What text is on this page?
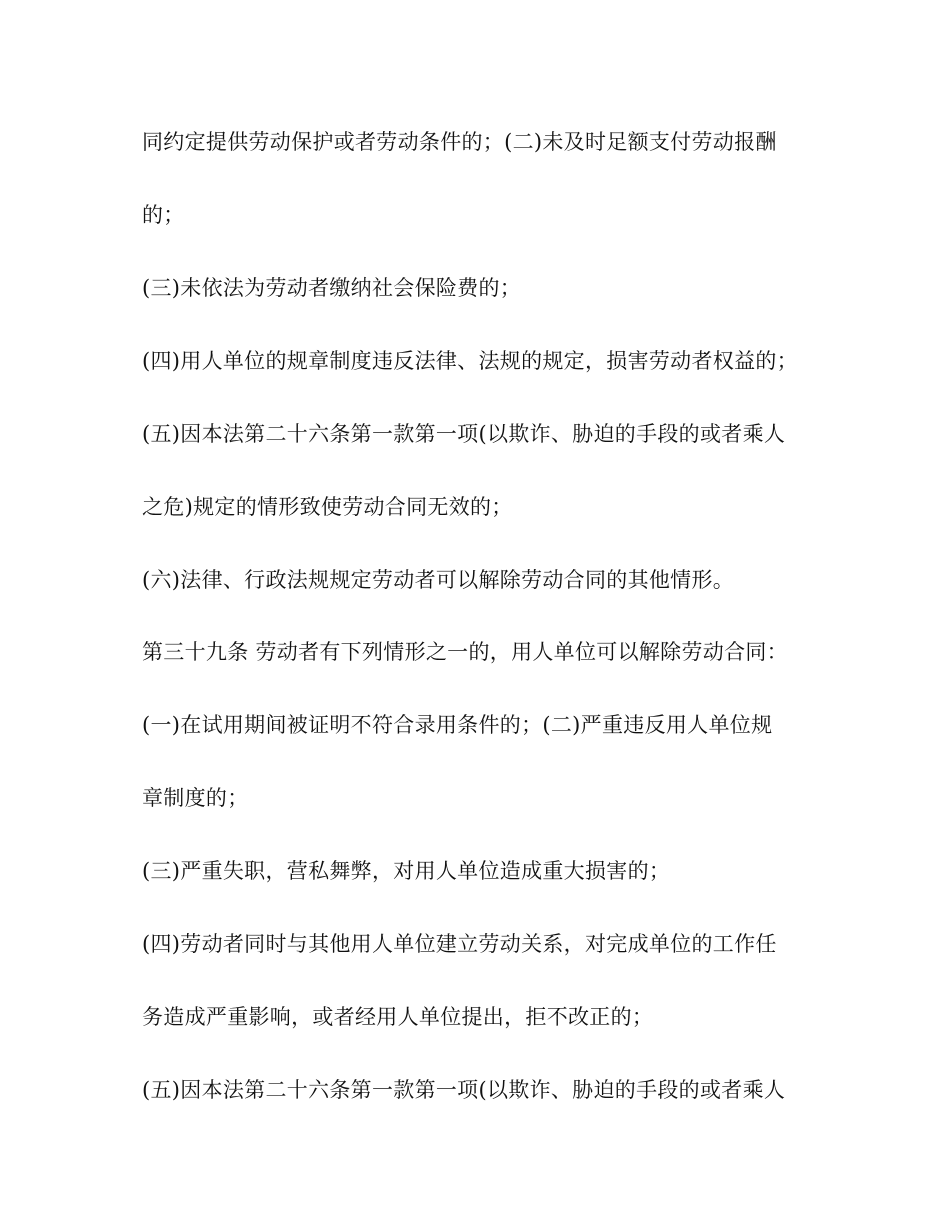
同约定提供劳动保护或者劳动条件的；(二)未及时足额支付劳动报酬
的；
(三)未依法为劳动者缴纳社会保险费的；
(四)用人单位的规章制度违反法律、法规的规定，损害劳动者权益的；
(五)因本法第二十六条第一款第一项(以欺诈、胁迫的手段的或者乘人
之危)规定的情形致使劳动合同无效的；
(六)法律、行政法规规定劳动者可以解除劳动合同的其他情形。
第三十九条 劳动者有下列情形之一的，用人单位可以解除劳动合同：
(一)在试用期间被证明不符合录用条件的；(二)严重违反用人单位规
章制度的；
(三)严重失职，营私舞弊，对用人单位造成重大损害的；
(四)劳动者同时与其他用人单位建立劳动关系，对完成单位的工作任
务造成严重影响，或者经用人单位提出，拒不改正的；
(五)因本法第二十六条第一款第一项(以欺诈、胁迫的手段的或者乘人
